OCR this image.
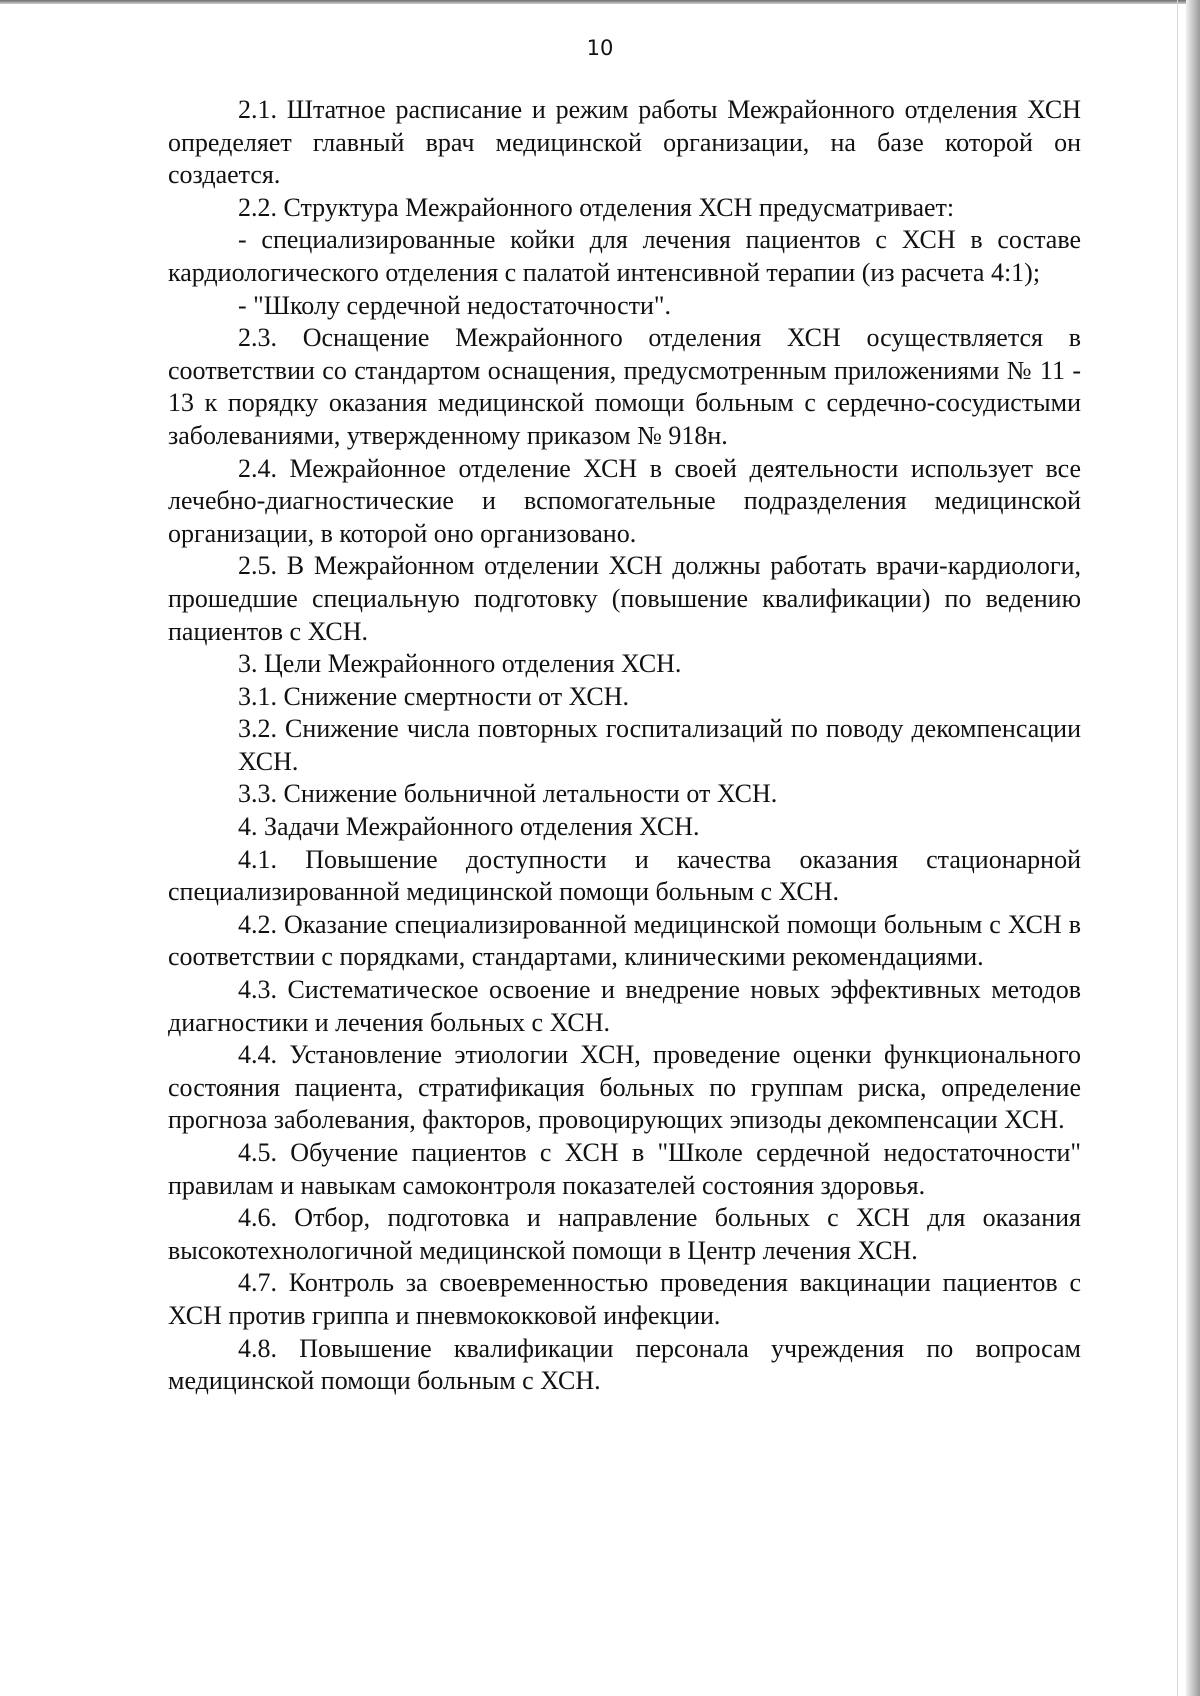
10

2.1. Штатное расписание и режим работы Межрайонного отделения ХСН определяет главный врач медицинской организации, на базе которой он создается.

2.2. Структура Межрайонного отделения ХСН предусматривает:

- специализированные койки для лечения пациентов с ХСН в составе кардиологического отделения с палатой интенсивной терапии (из расчета 4:1);

- "Школу сердечной недостаточности".

2.3. Оснащение Межрайонного отделения ХСН осуществляется в соответствии со стандартом оснащения, предусмотренным приложениями № 11 - 13 к порядку оказания медицинской помощи больным с сердечно-сосудистыми заболеваниями, утвержденному приказом № 918н.

2.4. Межрайонное отделение ХСН в своей деятельности использует все лечебно-диагностические и вспомогательные подразделения медицинской организации, в которой оно организовано.

2.5. В Межрайонном отделении ХСН должны работать врачи-кардиологи, прошедшие специальную подготовку (повышение квалификации) по ведению пациентов с ХСН.

3. Цели Межрайонного отделения ХСН.

3.1. Снижение смертности от ХСН.

3.2. Снижение числа повторных госпитализаций по поводу декомпенсации ХСН.

3.3. Снижение больничной летальности от ХСН.

4. Задачи Межрайонного отделения ХСН.

4.1. Повышение доступности и качества оказания стационарной специализированной медицинской помощи больным с ХСН.

4.2. Оказание специализированной медицинской помощи больным с ХСН в соответствии с порядками, стандартами, клиническими рекомендациями.

4.3. Систематическое освоение и внедрение новых эффективных методов диагностики и лечения больных с ХСН.

4.4. Установление этиологии ХСН, проведение оценки функционального состояния пациента, стратификация больных по группам риска, определение прогноза заболевания, факторов, провоцирующих эпизоды декомпенсации ХСН.

4.5. Обучение пациентов с ХСН в "Школе сердечной недостаточности" правилам и навыкам самоконтроля показателей состояния здоровья.

4.6. Отбор, подготовка и направление больных с ХСН для оказания высокотехнологичной медицинской помощи в Центр лечения ХСН.

4.7. Контроль за своевременностью проведения вакцинации пациентов с ХСН против гриппа и пневмококковой инфекции.

4.8. Повышение квалификации персонала учреждения по вопросам медицинской помощи больным с ХСН.
